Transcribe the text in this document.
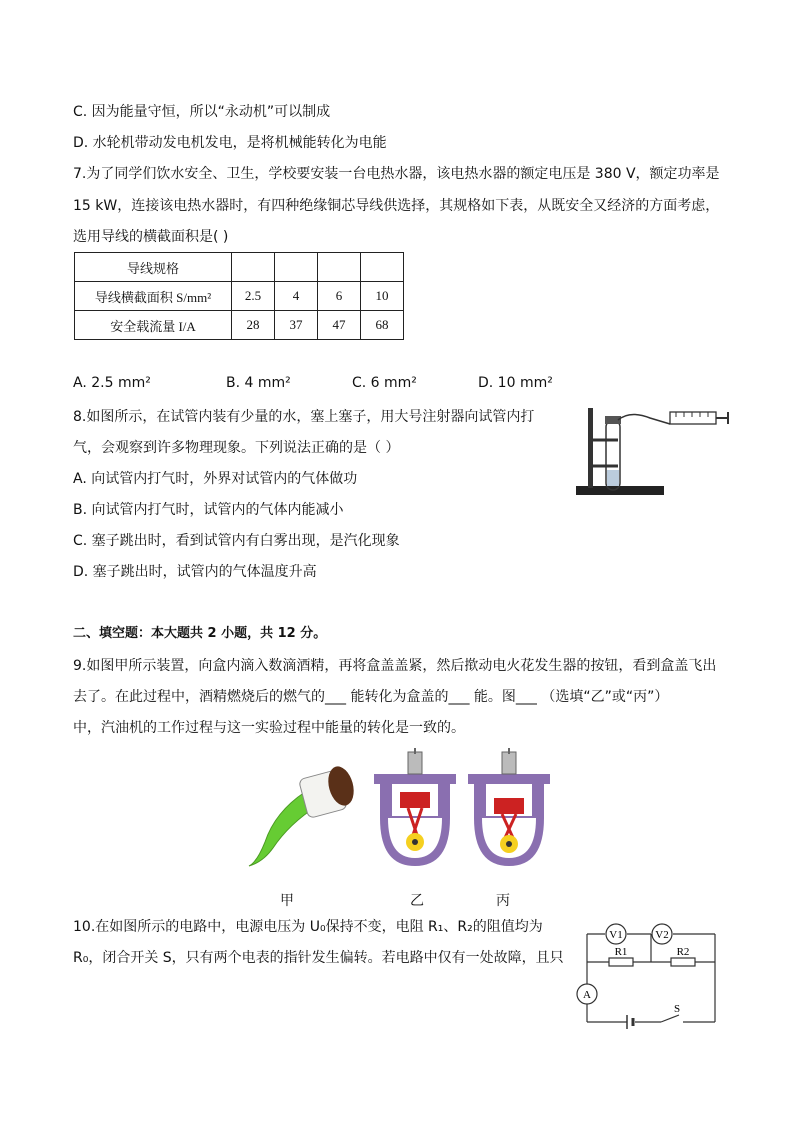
C. 因为能量守恒，所以“永动机”可以制成
D. 水轮机带动发电机发电，是将机械能转化为电能
7.为了同学们饮水安全、卫生，学校要安装一台电热水器，该电热水器的额定电压是 380 V，额定功率是
15 kW，连接该电热水器时，有四种绝缘铜芯导线供选择，其规格如下表，从既安全又经济的方面考虑，
选用导线的横截面积是( )
导线规格				
导线横截面积 S/mm²	2.5	4	6	10
安全载流量 I/A	28	37	47	68
A. 2.5 mm²	B. 4 mm²	C. 6 mm²	D. 10 mm²
8.如图所示，在试管内装有少量的水，塞上塞子，用大号注射器向试管内打
气，会观察到许多物理现象。下列说法正确的是（ ）
A. 向试管内打气时，外界对试管内的气体做功
B. 向试管内打气时，试管内的气体内能减小
C. 塞子跳出时，看到试管内有白雾出现，是汽化现象
D. 塞子跳出时，试管内的气体温度升高
二、填空题：本大题共 2 小题，共 12 分。
9.如图甲所示装置，向盒内滴入数滴酒精，再将盒盖盖紧，然后揿动电火花发生器的按钮，看到盒盖飞出
去了。在此过程中，酒精燃烧后的燃气的___ 能转化为盒盖的___ 能。图___ （选填“乙”或“丙”）
中，汽油机的工作过程与这一实验过程中能量的转化是一致的。
甲	乙	丙
10.在如图所示的电路中，电源电压为 U₀保持不变，电阻 R₁、R₂的阻值均为
R₀，闭合开关 S，只有两个电表的指针发生偏转。若电路中仅有一处故障，且只
V1	V2
A
R1	R2
S
